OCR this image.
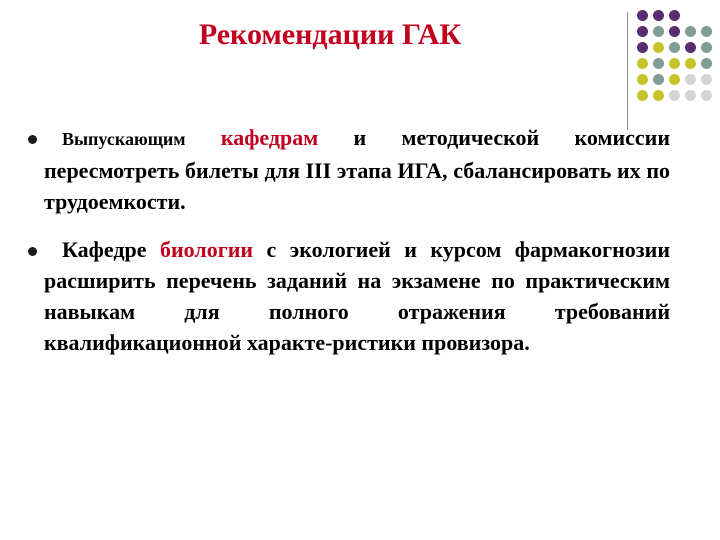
Рекомендации ГАК
Выпускающим кафедрам и методической комиссии пересмотреть билеты для III этапа ИГА, сбалансировать их по трудоемкости.
Кафедре биологии с экологией и курсом фармакогнозии расширить перечень заданий на экзамене по практическим навыкам для полного отражения требований квалификационной характе-ристики провизора.
